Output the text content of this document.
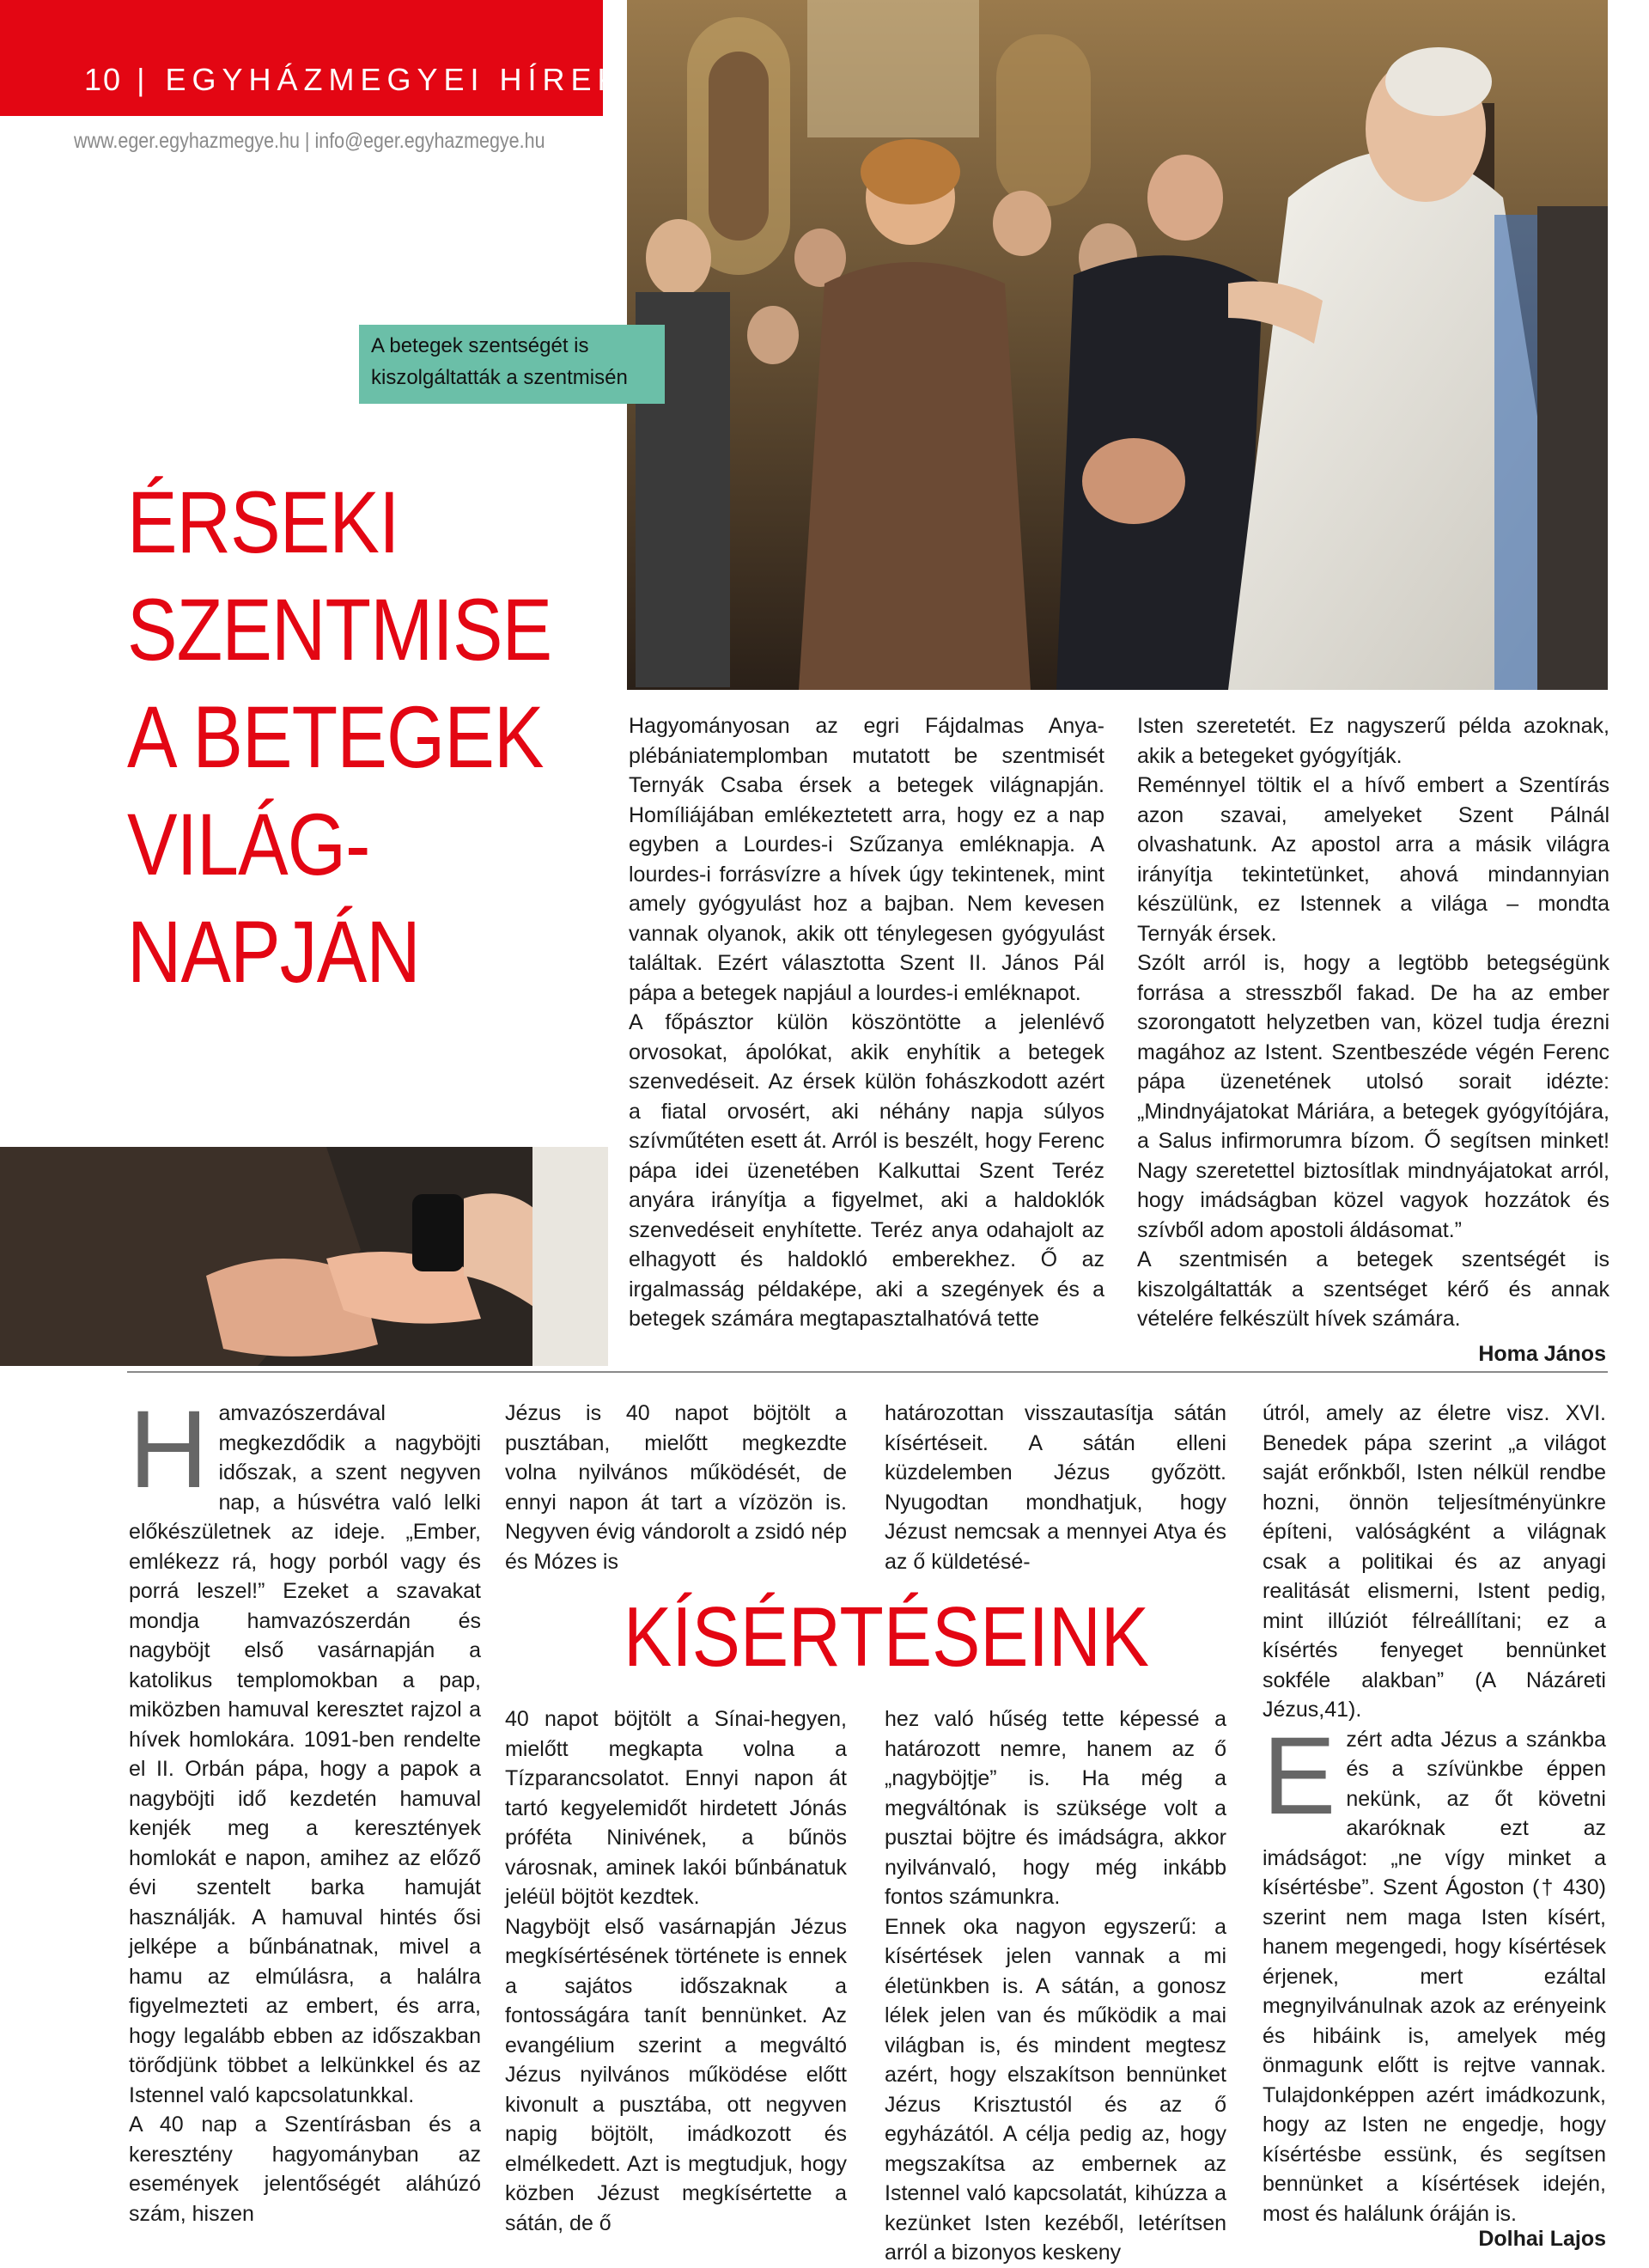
10 | EGYHÁZMEGYEI HÍREK
www.eger.egyhazmegye.hu | info@eger.egyhazmegye.hu
A betegek szentségét is kiszolgáltatták a szentmisén
ÉRSEKI
SZENTMISE
A BETEGEK
VILÁG-
NAPJÁN

Hagyományosan az egri Fájdalmas Anya-plébániatemplomban mutatott be szentmisét Ternyák Csaba érsek a betegek világnapján. Homíliájában emlékeztetett arra, hogy ez a nap egyben a Lourdes-i Szűzanya emléknapja. A lourdes-i forrásvízre a hívek úgy tekintenek, mint amely gyógyulást hoz a bajban. Nem kevesen vannak olyanok, akik ott ténylegesen gyógyulást találtak. Ezért választotta Szent II. János Pál pápa a betegek napjául a lourdes-i emléknapot.

A főpásztor külön köszöntötte a jelenlévő orvosokat, ápolókat, akik enyhítik a betegek szenvedéseit. Az érsek külön fohászkodott azért a fiatal orvosért, aki néhány napja súlyos szívműtéten esett át. Arról is beszélt, hogy Ferenc pápa idei üzenetében Kalkuttai Szent Teréz anyára irányítja a figyelmet, aki a haldoklók szenvedéseit enyhítette. Teréz anya odahajolt az elhagyott és haldokló emberekhez. Ő az irgalmasság példaképe, aki a szegények és a betegek számára megtapasztalhatóvá tette

Isten szeretetét. Ez nagyszerű példa azoknak, akik a betegeket gyógyítják.

Reménnyel töltik el a hívő embert a Szentírás azon szavai, amelyeket Szent Pálnál olvashatunk. Az apostol arra a másik világra irányítja tekintetünket, ahová mindannyian készülünk, ez Istennek a világa – mondta Ternyák érsek.

Szólt arról is, hogy a legtöbb betegségünk forrása a stresszből fakad. De ha az ember szorongatott helyzetben van, közel tudja érezni magához az Istent. Szentbeszéde végén Ferenc pápa üzenetének utolsó sorait idézte: „Mindnyájatokat Máriára, a betegek gyógyítójára, a Salus infirmorumra bízom. Ő segítsen minket! Nagy szeretettel biztosítlak mindnyájatokat arról, hogy imádságban közel vagyok hozzátok és szívből adom apostoli áldásomat.”

A szentmisén a betegek szentségét is kiszolgáltatták a szentséget kérő és annak vételére felkészült hívek számára.

Homa János

Hamvazószerdával megkezdődik a nagyböjti időszak, a szent negyven nap, a húsvétra való lelki előkészületnek az ideje. „Ember, emlékezz rá, hogy porból vagy és porrá leszel!” Ezeket a szavakat mondja hamvazószerdán és nagyböjt első vasárnapján a katolikus templomokban a pap, miközben hamuval keresztet rajzol a hívek homlokára. 1091-ben rendelte el II. Orbán pápa, hogy a papok a nagyböjti idő kezdetén hamuval kenjék meg a keresztények homlokát e napon, amihez az előző évi szentelt barka hamuját használják. A hamuval hintés ősi jelképe a bűnbánatnak, mivel a hamu az elmúlásra, a halálra figyelmezteti az embert, és arra, hogy legalább ebben az időszakban törődjünk többet a lelkünkkel és az Istennel való kapcsolatunkkal.

A 40 nap a Szentírásban és a keresztény hagyományban az események jelentőségét aláhúzó szám, hiszen

Jézus is 40 napot böjtölt a pusztában, mielőtt megkezdte volna nyilvános működését, de ennyi napon át tart a vízözön is. Negyven évig vándorolt a zsidó nép és Mózes is

határozottan visszautasítja sátán kísértéseit. A sátán elleni küzdelemben Jézus győzött. Nyugodtan mondhatjuk, hogy Jézust nemcsak a mennyei Atya és az ő küldetésé-

KÍSÉRTÉSEINK

40 napot böjtölt a Sínai-hegyen, mielőtt megkapta volna a Tízparancsolatot. Ennyi napon át tartó kegyelemidőt hirdetett Jónás próféta Ninivének, a bűnös városnak, aminek lakói bűnbánatuk jeléül böjtöt kezdtek.

Nagyböjt első vasárnapján Jézus megkísértésének története is ennek a sajátos időszaknak a fontosságára tanít bennünket. Az evangélium szerint a megváltó Jézus nyilvános működése előtt kivonult a pusztába, ott negyven napig böjtölt, imádkozott és elmélkedett. Azt is megtudjuk, hogy közben Jézust megkísértette a sátán, de ő

hez való hűség tette képessé a határozott nemre, hanem az ő „nagyböjtje” is. Ha még a megváltónak is szüksége volt a pusztai böjtre és imádságra, akkor nyilvánvaló, hogy még inkább fontos számunkra.

Ennek oka nagyon egyszerű: a kísértések jelen vannak a mi életünkben is. A sátán, a gonosz lélek jelen van és működik a mai világban is, és mindent megtesz azért, hogy elszakítson bennünket Jézus Krisztustól és az ő egyházától. A célja pedig az, hogy megszakítsa az embernek az Istennel való kapcsolatát, kihúzza a kezünket Isten kezéből, letérítsen arról a bizonyos keskeny

útról, amely az életre visz. XVI. Benedek pápa szerint „a világot saját erőnkből, Isten nélkül rendbe hozni, önnön teljesítményünkre építeni, valóságként a világnak csak a politikai és az anyagi realitását elismerni, Istent pedig, mint illúziót félreállítani; ez a kísértés fenyeget bennünket sokféle alakban” (A Názáreti Jézus,41).

Ezért adta Jézus a szánkba és a szívünkbe éppen nekünk, az őt követni akaróknak ezt az imádságot: „ne vígy minket a kísértésbe”. Szent Ágoston († 430) szerint nem maga Isten kísért, hanem megengedi, hogy kísértések érjenek, mert ezáltal megnyilvánulnak azok az erényeink és hibáink is, amelyek még önmagunk előtt is rejtve vannak. Tulajdonképpen azért imádkozunk, hogy az Isten ne engedje, hogy kísértésbe essünk, és segítsen bennünket a kísértések idején, most és halálunk óráján is.

Dolhai Lajos
